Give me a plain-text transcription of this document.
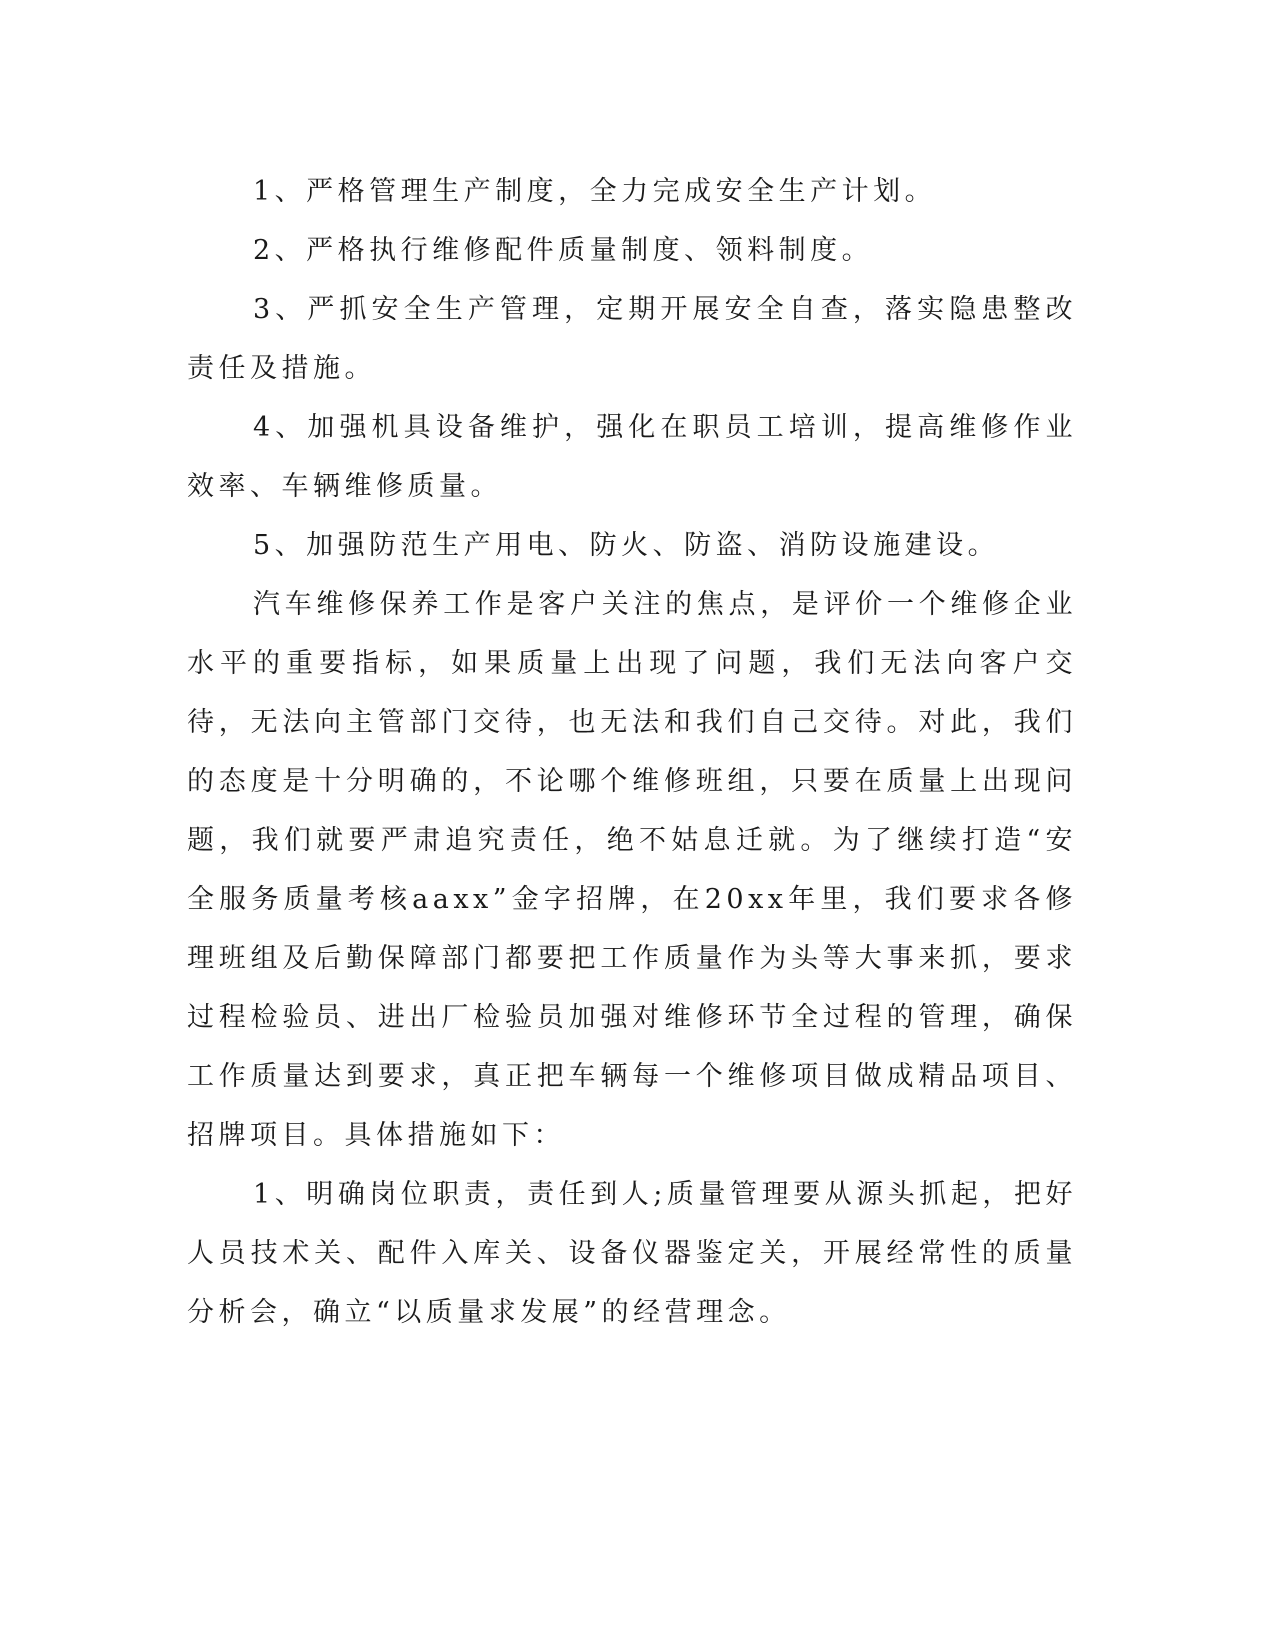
1、严格管理生产制度，全力完成安全生产计划。

2、严格执行维修配件质量制度、领料制度。

3、严抓安全生产管理，定期开展安全自查，落实隐患整改责任及措施。

4、加强机具设备维护，强化在职员工培训，提高维修作业效率、车辆维修质量。

5、加强防范生产用电、防火、防盗、消防设施建设。

汽车维修保养工作是客户关注的焦点，是评价一个维修企业水平的重要指标，如果质量上出现了问题，我们无法向客户交待，无法向主管部门交待，也无法和我们自己交待。对此，我们的态度是十分明确的，不论哪个维修班组，只要在质量上出现问题，我们就要严肃追究责任，绝不姑息迁就。为了继续打造“安全服务质量考核aaxx”金字招牌，在20xx年里，我们要求各修理班组及后勤保障部门都要把工作质量作为头等大事来抓，要求过程检验员、进出厂检验员加强对维修环节全过程的管理，确保工作质量达到要求，真正把车辆每一个维修项目做成精品项目、招牌项目。具体措施如下：

1、明确岗位职责，责任到人;质量管理要从源头抓起，把好人员技术关、配件入库关、设备仪器鉴定关，开展经常性的质量分析会，确立“以质量求发展”的经营理念。
